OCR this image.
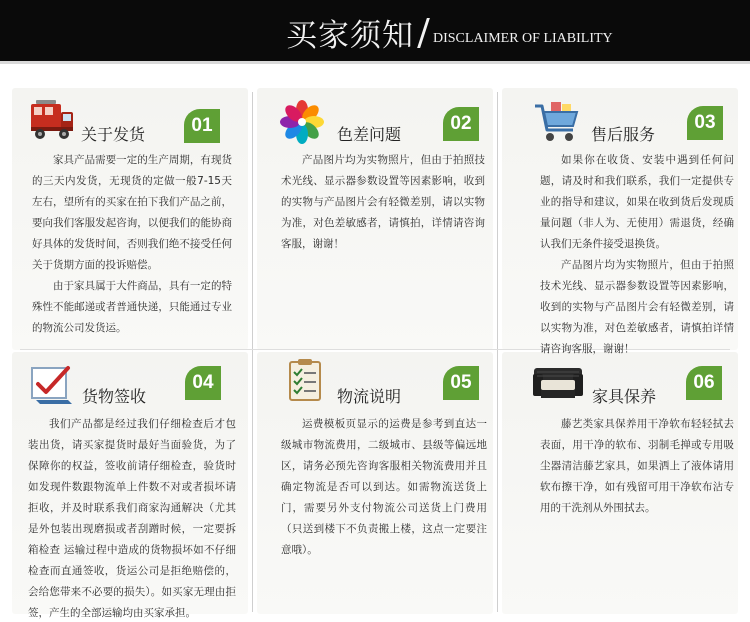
买家须知 DISCLAIMER OF LIABILITY
关于发货	01

家具产品需要一定的生产周期，有现货的三天内发货，无现货的定做一般7-15天左右，望所有的买家在拍下我们产品之前，要向我们客服发起咨询，以便我们的能协商好具体的发货时间，否则我们绝不接受任何关于货期方面的投诉赔偿。

由于家具属于大件商品，具有一定的特殊性不能邮递或者普通快递，只能通过专业的物流公司发货运。

色差问题
02

产品图片均为实物照片，但由于拍照技术光线、显示器参数设置等因素影响，收到的实物与产品图片会有轻微差别，请以实物为准，对色差敏感者，请慎拍，详情请咨询客服，谢谢！

售后服务
03

如果你在收货、安装中遇到任何问题，请及时和我们联系，我们一定提供专业的指导和建议，如果在收到货后发现质量问题（非人为、无使用）需退货，经确认我们无条件接受退换货。

产品图片均为实物照片，但由于拍照技术光线、显示器参数设置等因素影响，收到的实物与产品图片会有轻微差别，请以实物为准，对色差敏感者，请慎拍详情请咨询客服，谢谢！

货物签收
04

我们产品都是经过我们仔细检查后才包装出货，请买家提货时最好当面验货，为了保障你的权益，签收前请仔细检查，验货时如发现件数跟物流单上件数不对或者损坏请拒收，并及时联系我们商家沟通解决（尤其是外包装出现磨损或者刮蹭时候，一定要拆箱检查 运输过程中造成的货物损坏如不仔细检查而直通签收，货运公司是拒绝赔偿的，会给您带来不必要的损失）。如买家无理由拒签，产生的全部运输均由买家承担。

物流说明
05

运费模板页显示的运费是参考到直达一级城市物流费用，二级城市、县级等偏远地区，请务必预先咨询客服相关物流费用并且确定物流是否可以到达。如需物流送货上门，需要另外支付物流公司送货上门费用（只送到楼下不负责搬上楼，这点一定要注意哦）。

家具保养
06

藤艺类家具保养用干净软布轻轻拭去表面，用干净的软布、羽制毛掸或专用吸尘器清洁藤艺家具，如果洒上了液体请用软布擦干净，如有残留可用干净软布沾专用的干洗剂从外围拭去。
